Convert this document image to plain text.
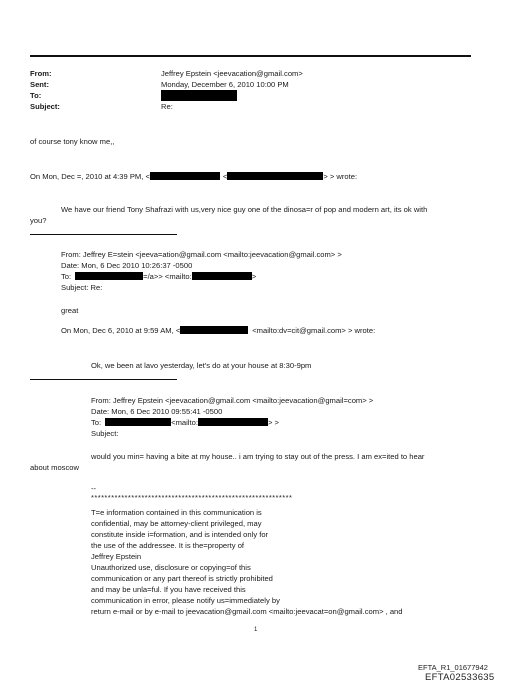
From:	Jeffrey Epstein <jeevacation@gmail.com>
Sent:	Monday, December 6, 2010 10:00 PM
To:
Subject:	Re:
of course tony know me,,
On Mon, Dec =, 2010 at 4:39 PM, <	<	> > wrote:
We have our friend Tony Shafrazi with us,very nice guy one of the dinosa=r of pop and modern art, its ok with
you?
From: Jeffrey E=stein <jeeva=ation@gmail.com <mailto:jeevacation@gmail.com> >
Date: Mon, 6 Dec 2010 10:26:37 -0500
To:	=/a>> <mailto:	>
Subject: Re:
great
On Mon, Dec 6, 2010 at 9:59 AM, <	<mailto:dv=cit@gmail.com> > wrote:
Ok, we been at lavo yesterday, let's do at your house at 8:30-9pm
From: Jeffrey Epstein <jeevacation@gmail.com <mailto:jeevacation@gmail=com> >
Date: Mon, 6 Dec 2010 09:55:41 -0500
To:	<mailto:	> >
Subject:
would you min= having a bite at my house.. i am trying to stay out of the press. I am ex=ited to hear
about moscow
--
************************************************************
T=e information contained in this communication is
confidential, may be attorney-client privileged, may
constitute inside i=formation, and is intended only for
the use of the addressee. It is the=property of
Jeffrey Epstein
Unauthorized use, disclosure or copying=of this
communication or any part thereof is strictly prohibited
and may be unla=ful. If you have received this
communication in error, please notify us=immediately by
return e-mail or by e-mail to jeevacation@gmail.com <mailto:jeevacat=on@gmail.com> , and
1
EFTA_R1_01677942
EFTA02533635
